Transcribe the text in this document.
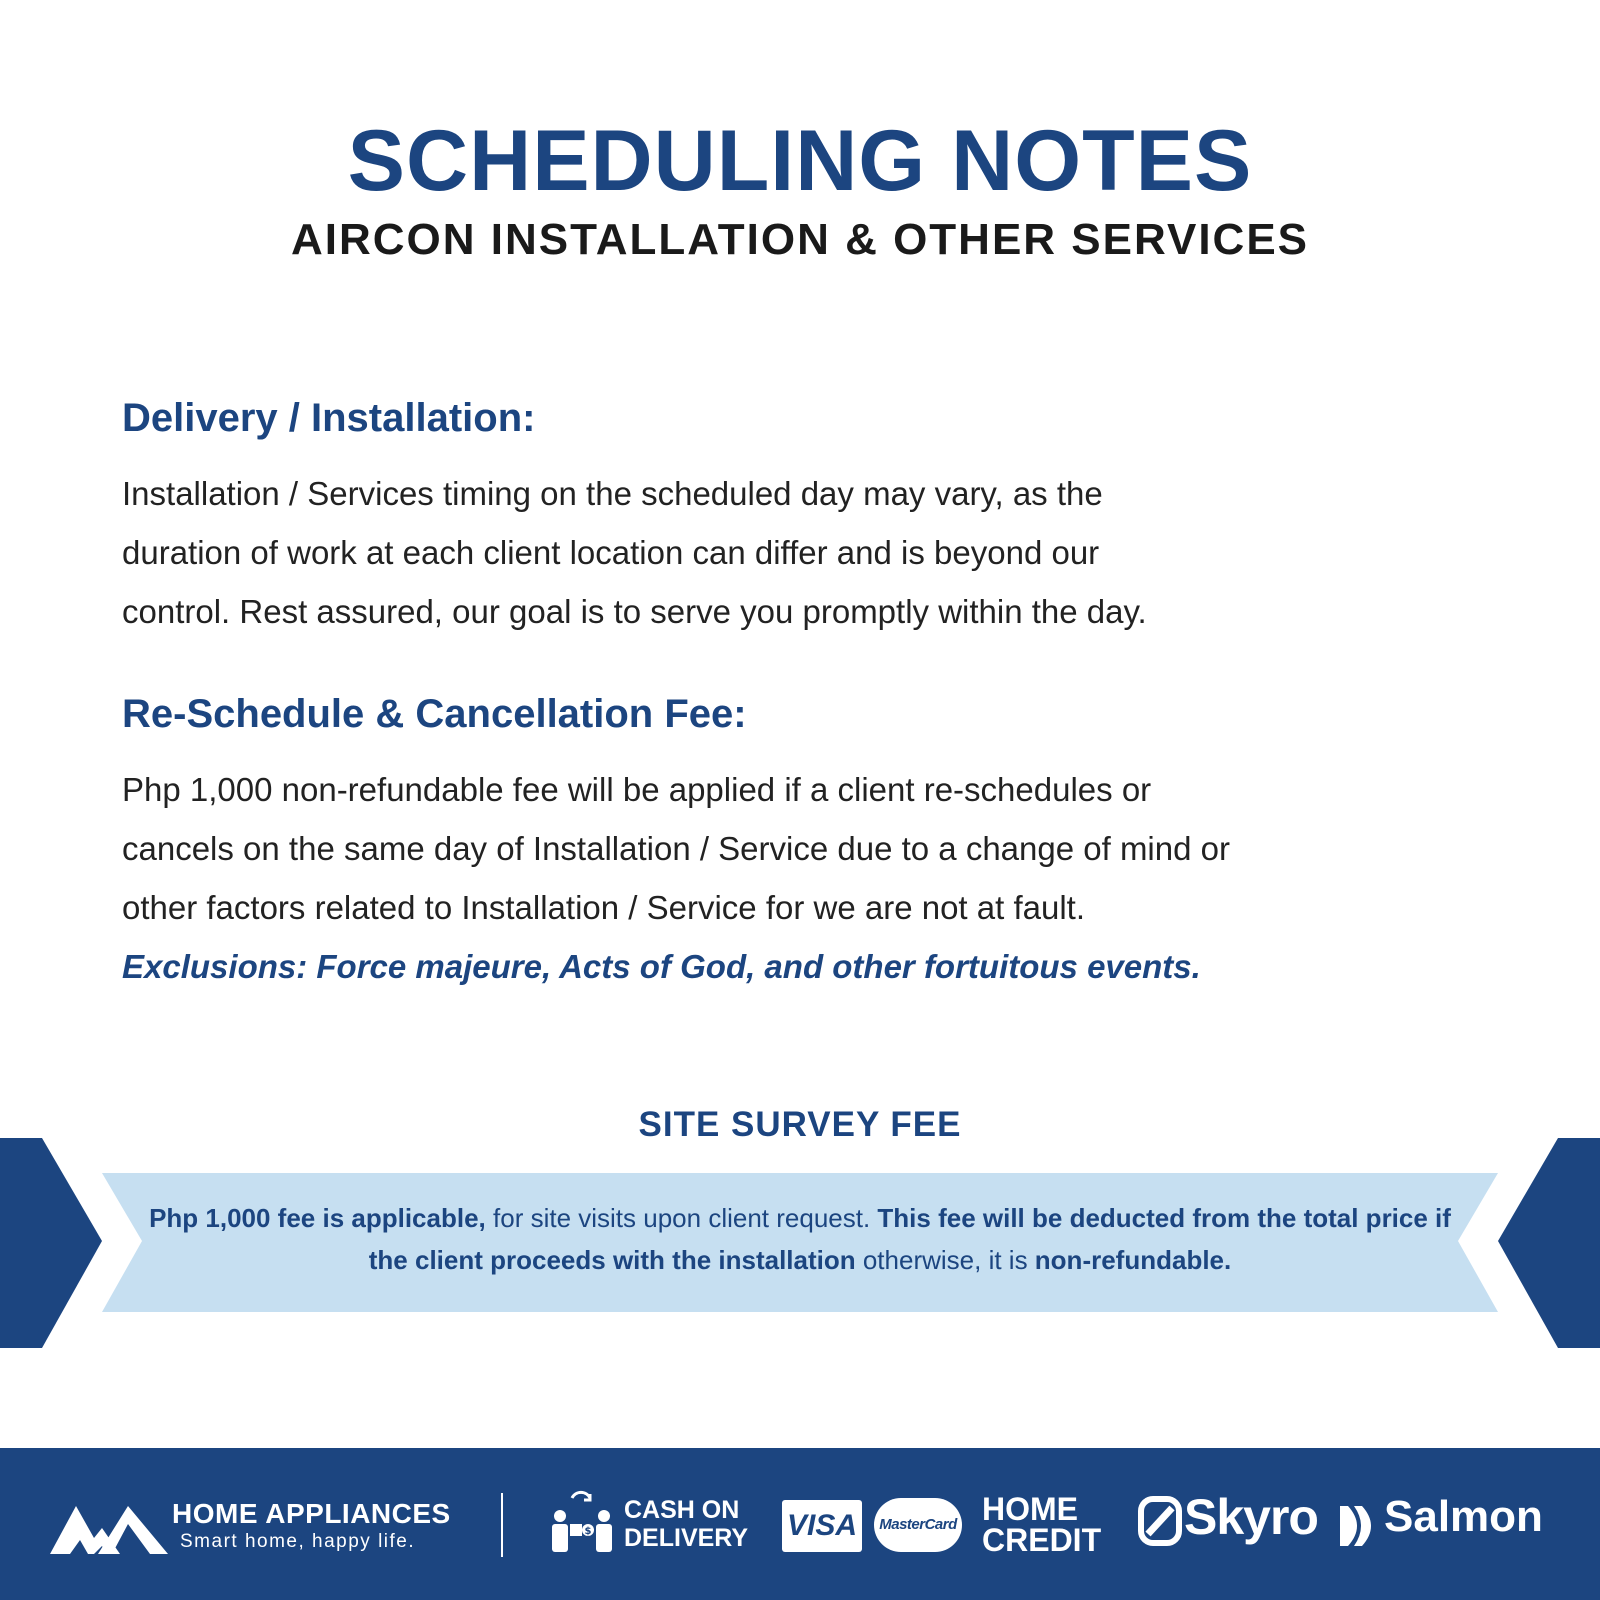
SCHEDULING NOTES
AIRCON INSTALLATION & OTHER SERVICES
Delivery / Installation:
Installation / Services timing on the scheduled day may vary, as the
duration of work at each client location can differ and is beyond our
control. Rest assured, our goal is to serve you promptly within the day.
Re-Schedule & Cancellation Fee:
Php 1,000 non-refundable fee will be applied if a client re-schedules or
cancels on the same day of Installation / Service due to a change of mind or
other factors related to Installation / Service for we are not at fault.
Exclusions: Force majeure, Acts of God, and other fortuitous events.
SITE SURVEY FEE
Php 1,000 fee is applicable, for site visits upon client request. This fee will be deducted from the total price if the client proceeds with the installation otherwise, it is non-refundable.
HOME APPLIANCES
Smart home, happy life.	$
CASH ON
DELIVERY VISA	MasterCard HOME
CREDIT Skyro Salmon
